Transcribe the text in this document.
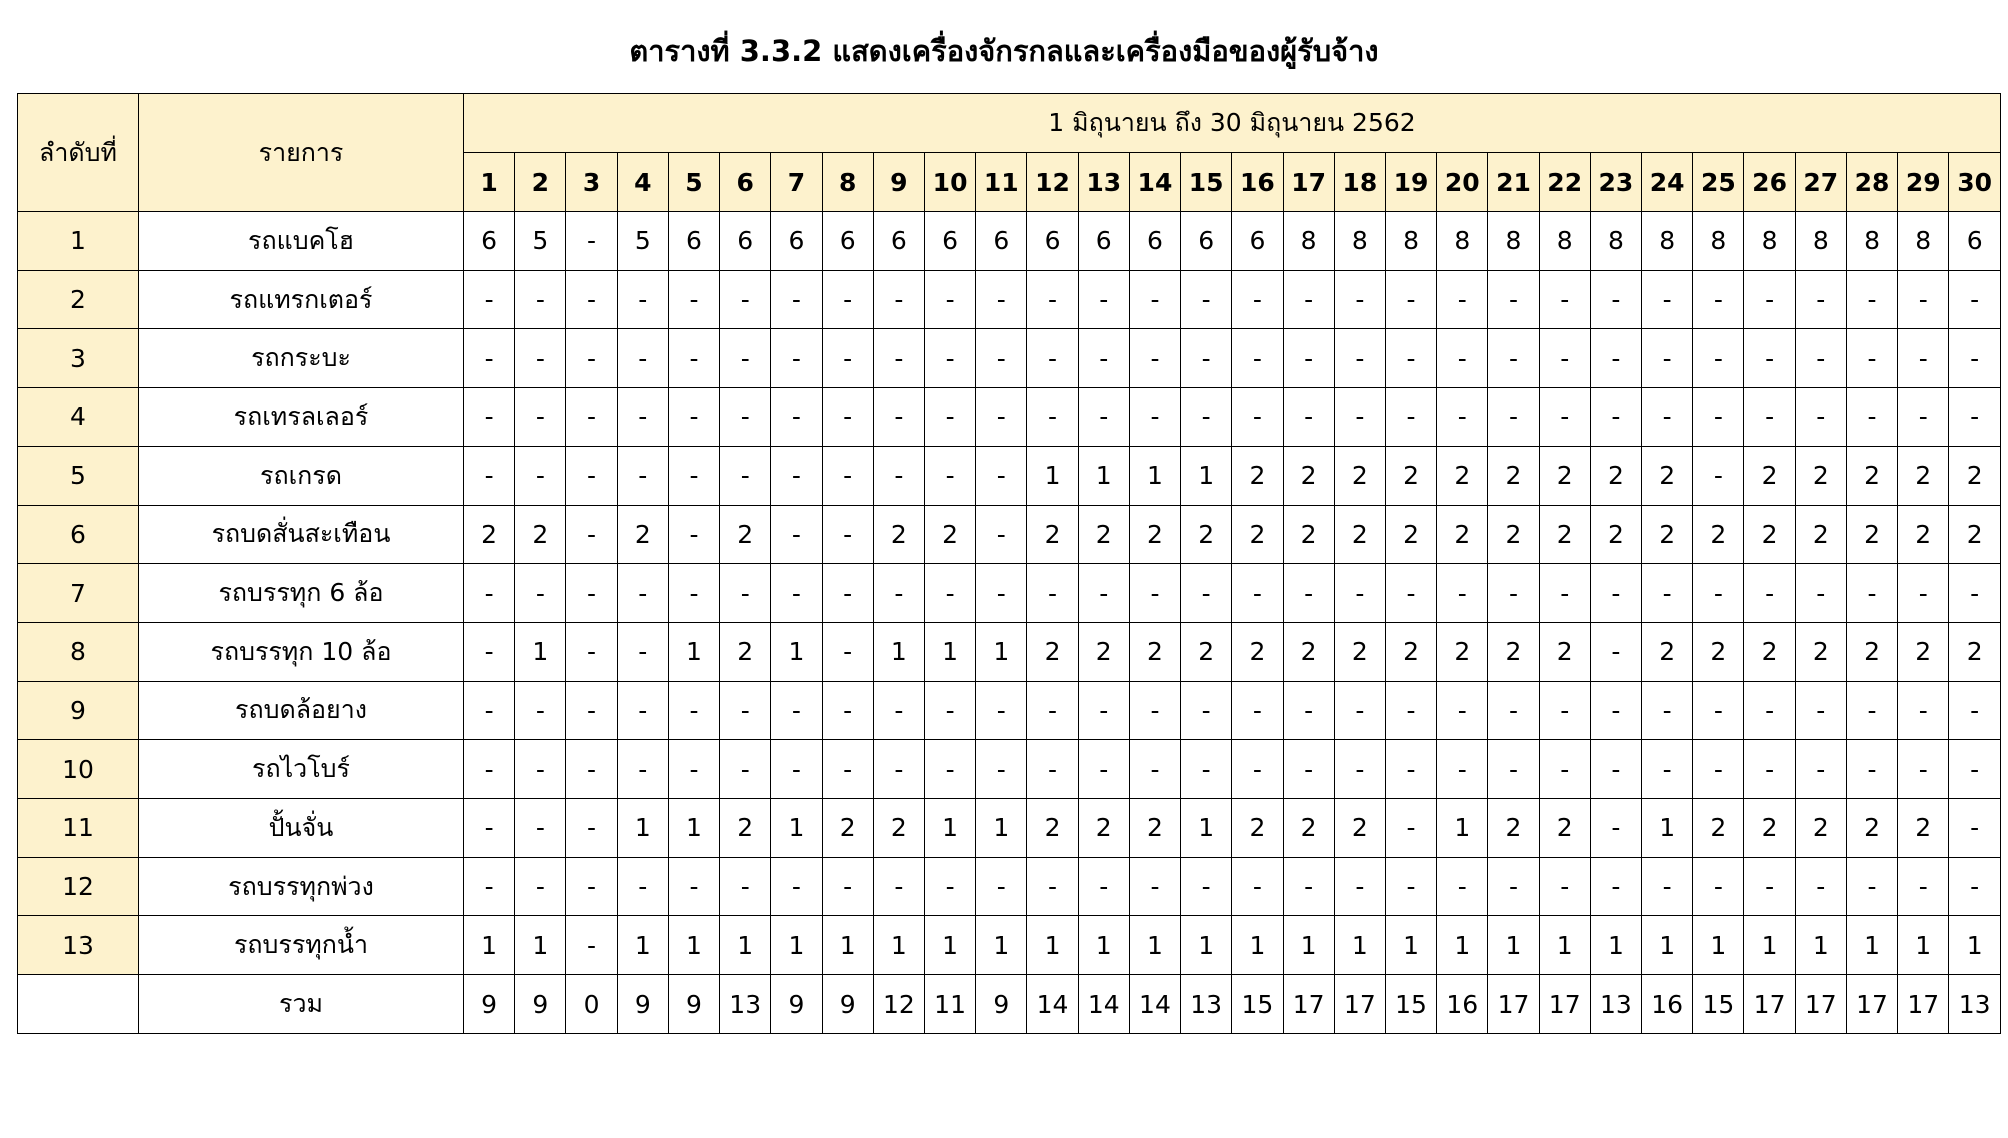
ตารางที่ 3.3.2 แสดงเครื่องจักรกลและเครื่องมือของผู้รับจ้าง
ลำดับที่	รายการ	1 มิถุนายน ถึง 30 มิถุนายน 2562																													
		1	2	3	4	5	6	7	8	9	10	11	12	13	14	15	16	17	18	19	20	21	22	23	24	25	26	27	28	29	30
1	รถแบคโฮ	6	5	-	5	6	6	6	6	6	6	6	6	6	6	6	6	8	8	8	8	8	8	8	8	8	8	8	8	8	6
2	รถแทรกเตอร์	-	-	-	-	-	-	-	-	-	-	-	-	-	-	-	-	-	-	-	-	-	-	-	-	-	-	-	-	-	-
3	รถกระบะ	-	-	-	-	-	-	-	-	-	-	-	-	-	-	-	-	-	-	-	-	-	-	-	-	-	-	-	-	-	-
4	รถเทรลเลอร์	-	-	-	-	-	-	-	-	-	-	-	-	-	-	-	-	-	-	-	-	-	-	-	-	-	-	-	-	-	-
5	รถเกรด	-	-	-	-	-	-	-	-	-	-	-	1	1	1	1	2	2	2	2	2	2	2	2	2	-	2	2	2	2	2
6	รถบดสั่นสะเทือน	2	2	-	2	-	2	-	-	2	2	-	2	2	2	2	2	2	2	2	2	2	2	2	2	2	2	2	2	2	2
7	รถบรรทุก 6 ล้อ	-	-	-	-	-	-	-	-	-	-	-	-	-	-	-	-	-	-	-	-	-	-	-	-	-	-	-	-	-	-
8	รถบรรทุก 10 ล้อ	-	1	-	-	1	2	1	-	1	1	1	2	2	2	2	2	2	2	2	2	2	2	-	2	2	2	2	2	2	2
9	รถบดล้อยาง	-	-	-	-	-	-	-	-	-	-	-	-	-	-	-	-	-	-	-	-	-	-	-	-	-	-	-	-	-	-
10	รถไวโบร์	-	-	-	-	-	-	-	-	-	-	-	-	-	-	-	-	-	-	-	-	-	-	-	-	-	-	-	-	-	-
11	ปั้นจั่น	-	-	-	1	1	2	1	2	2	1	1	2	2	2	1	2	2	2	-	1	2	2	-	1	2	2	2	2	2	-
12	รถบรรทุกพ่วง	-	-	-	-	-	-	-	-	-	-	-	-	-	-	-	-	-	-	-	-	-	-	-	-	-	-	-	-	-	-
13	รถบรรทุกน้ำ	1	1	-	1	1	1	1	1	1	1	1	1	1	1	1	1	1	1	1	1	1	1	1	1	1	1	1	1	1	1
	รวม	9	9	0	9	9	13	9	9	12	11	9	14	14	14	13	15	17	17	15	16	17	17	13	16	15	17	17	17	17	13
